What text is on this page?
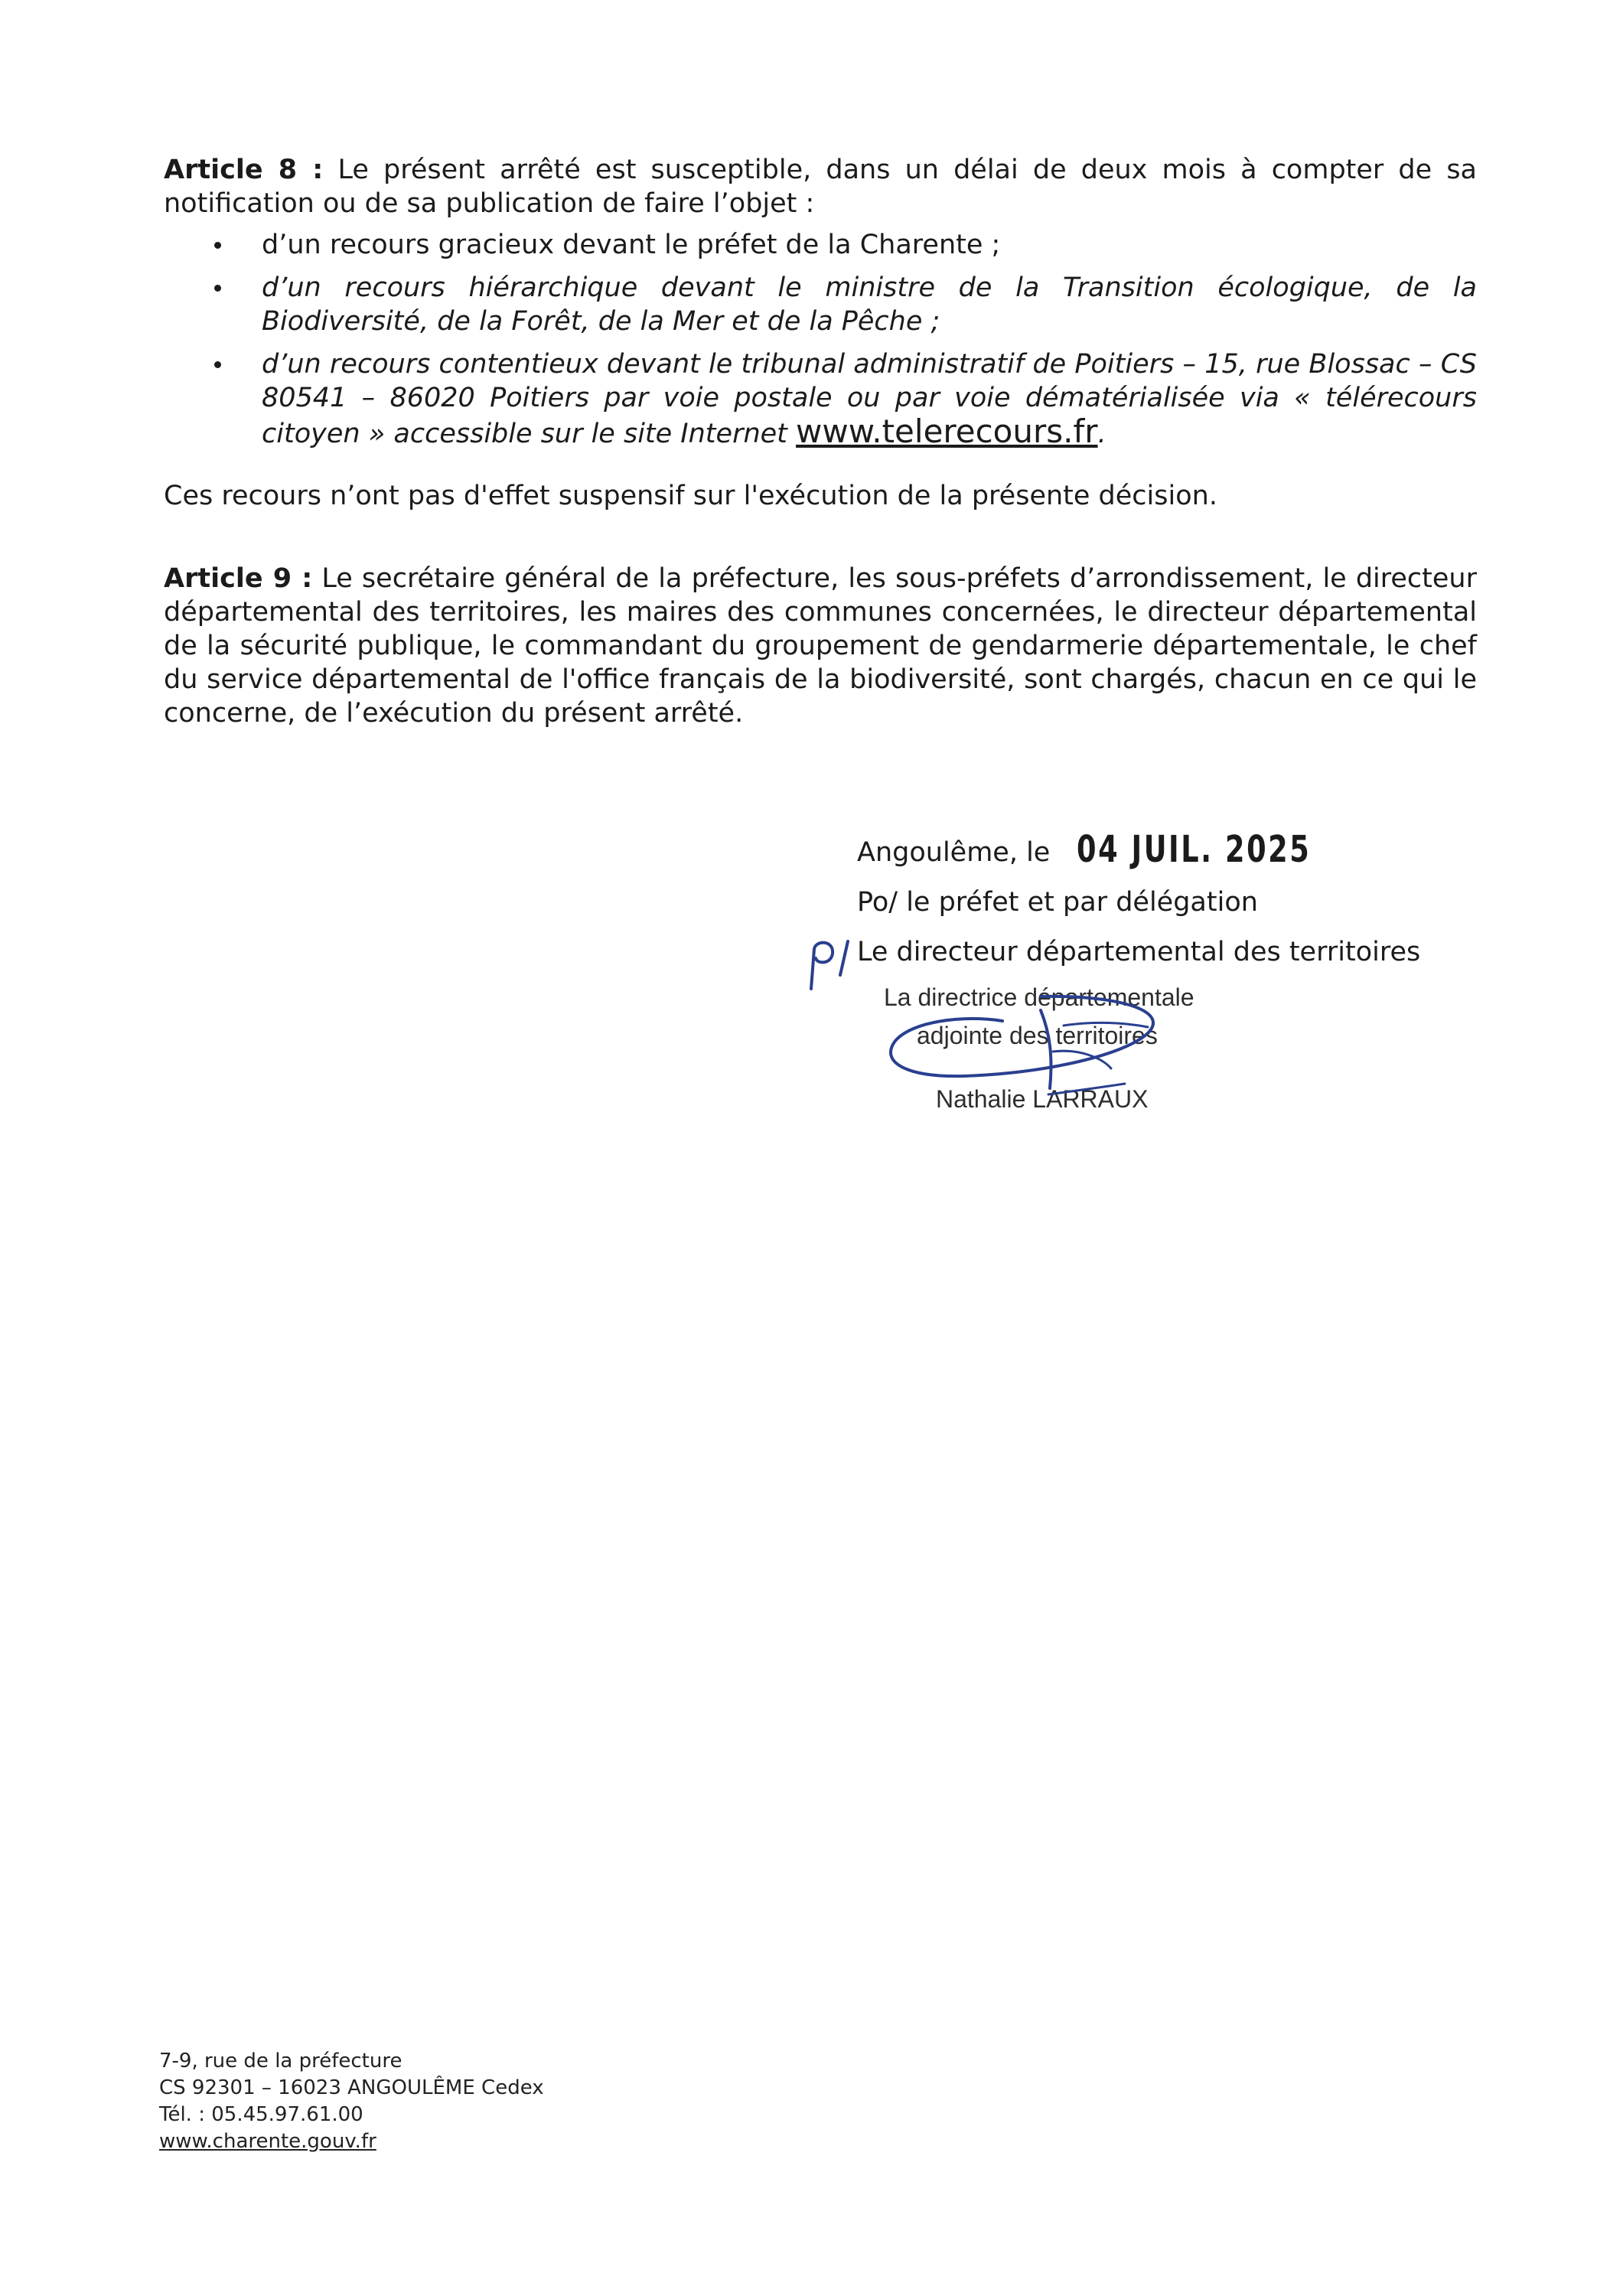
Article 8 : Le présent arrêté est susceptible, dans un délai de deux mois à compter de sa notification ou de sa publication de faire l’objet :
d’un recours gracieux devant le préfet de la Charente ;
d’un recours hiérarchique devant le ministre de la Transition écologique, de la Biodiversité, de la Forêt, de la Mer et de la Pêche ;
d’un recours contentieux devant le tribunal administratif de Poitiers – 15, rue Blossac – CS 80541 – 86020 Poitiers par voie postale ou par voie dématérialisée via « télérecours citoyen » accessible sur le site Internet www.telerecours.fr.
Ces recours n’ont pas d'effet suspensif sur l'exécution de la présente décision.
Article 9 : Le secrétaire général de la préfecture, les sous-préfets d’arrondissement, le directeur départemental des territoires, les maires des communes concernées, le directeur départemental de la sécurité publique, le commandant du groupement de gendarmerie départementale, le chef du service départemental de l'office français de la biodiversité, sont chargés, chacun en ce qui le concerne, de l’exécution du présent arrêté.
Angoulême, le 04 JUIL. 2025
Po/ le préfet et par délégation
Le directeur départemental des territoires
La directrice départementale
adjointe des territoires
Nathalie LARRAUX
7-9, rue de la préfecture
CS 92301 – 16023 ANGOULÊME Cedex
Tél. : 05.45.97.61.00
www.charente.gouv.fr
